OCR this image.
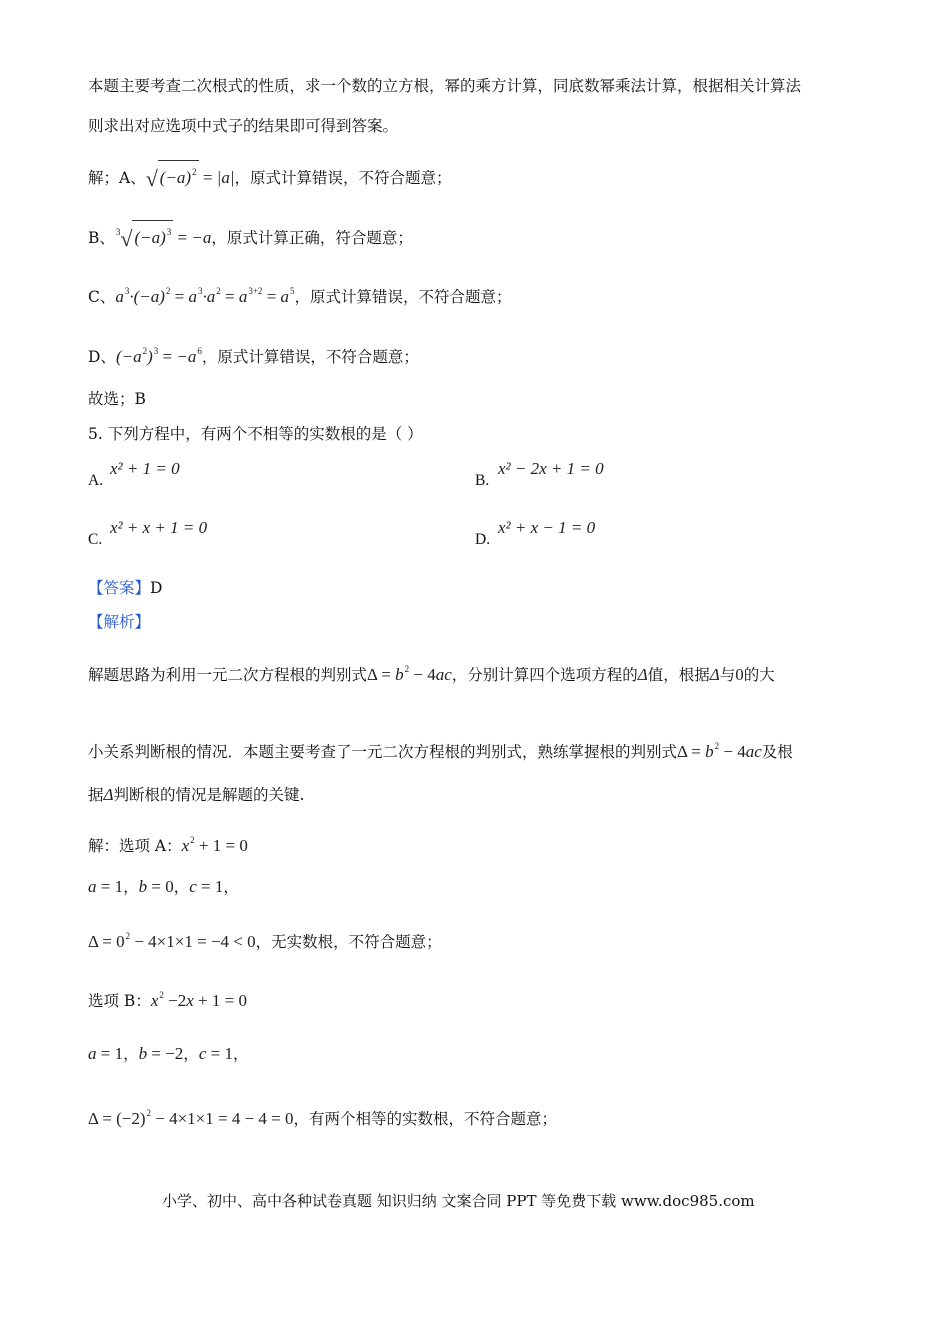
本题主要考查二次根式的性质，求一个数的立方根，幂的乘方计算，同底数幂乘法计算，根据相关计算法
则求出对应选项中式子的结果即可得到答案。
解；A、√ $(-a)^2 = |a|$，原式计算错误，不符合题意；
B、$^3$√ $(-a)^3 = -a$，原式计算正确，符合题意；
C、$a^3\cdot(-a)^2 = a^3\cdot a^2 = a^{3+2} = a^5$，原式计算错误，不符合题意；
D、$(-a^2)^3 = -a^6$，原式计算错误，不符合题意；
故选；B
5. 下列方程中，有两个不相等的实数根的是（ ）
A.
x² + 1 = 0
B.
x² − 2x + 1 = 0
C.
x² + x + 1 = 0
D.
x² + x − 1 = 0
【答案】D
【解析】
解题思路为利用一元二次方程根的判别式$\Delta = b^2 - 4ac$，分别计算四个选项方程的Δ值，根据Δ与0的大
小关系判断根的情况．本题主要考查了一元二次方程根的判别式，熟练掌握根的判别式$\Delta = b^2 - 4ac$及根
据Δ判断根的情况是解题的关键.
解：选项 A：$x^2 + 1 = 0$
a = 1，b = 0，c = 1，
$\Delta = 0^2 - 4\times 1\times 1 = -4 < 0$，无实数根，不符合题意；
选项 B：$x^2 -2x + 1 = 0$
a = 1，b = −2，c = 1，
$\Delta = (-2)^2 - 4\times 1\times 1 = 4 - 4 = 0$，有两个相等的实数根，不符合题意；
小学、初中、高中各种试卷真题 知识归纳 文案合同 PPT 等免费下载 www.doc985.com
